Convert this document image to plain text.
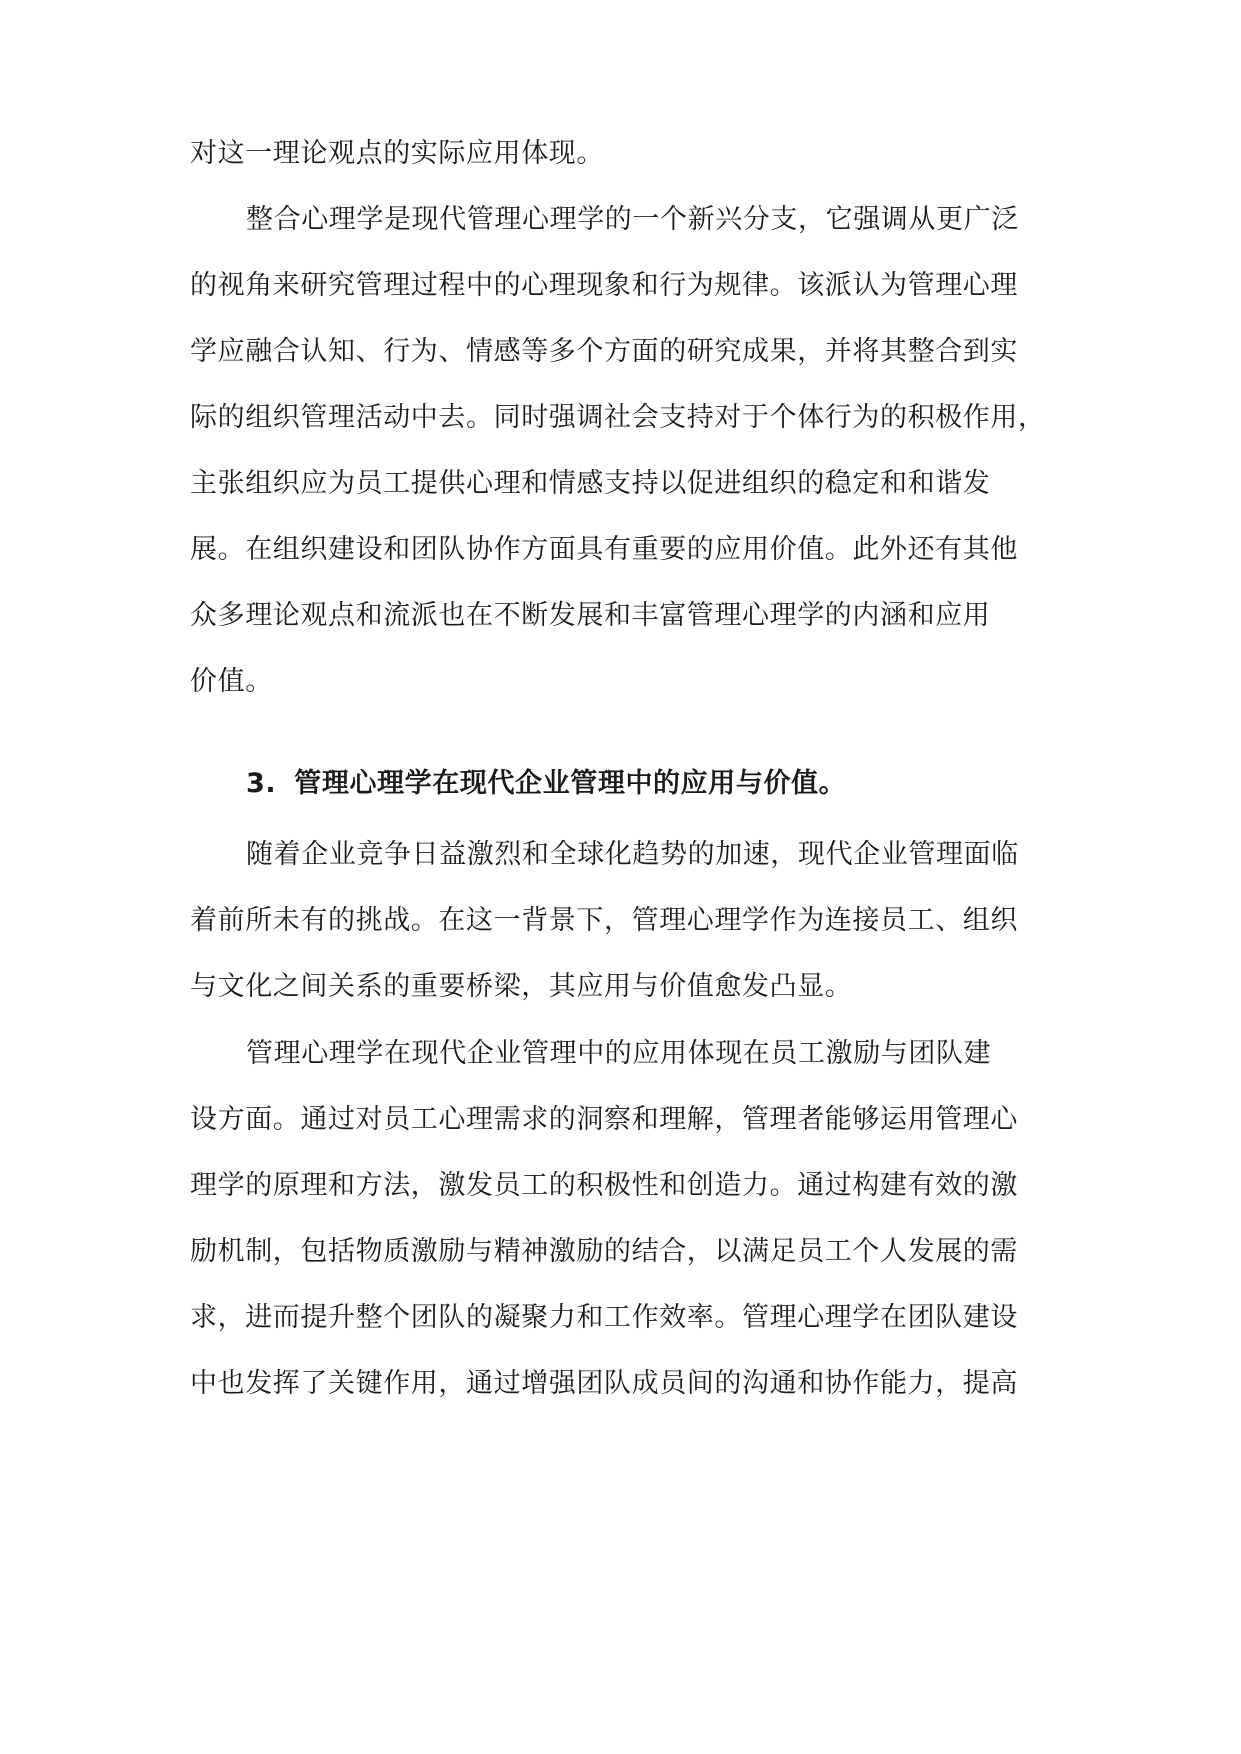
对这一理论观点的实际应用体现。
整合心理学是现代管理心理学的一个新兴分支，它强调从更广泛
的视角来研究管理过程中的心理现象和行为规律。该派认为管理心理
学应融合认知、行为、情感等多个方面的研究成果，并将其整合到实
际的组织管理活动中去。同时强调社会支持对于个体行为的积极作用，
主张组织应为员工提供心理和情感支持以促进组织的稳定和和谐发
展。在组织建设和团队协作方面具有重要的应用价值。此外还有其他
众多理论观点和流派也在不断发展和丰富管理心理学的内涵和应用
价值。
3. 管理心理学在现代企业管理中的应用与价值。
随着企业竞争日益激烈和全球化趋势的加速，现代企业管理面临
着前所未有的挑战。在这一背景下，管理心理学作为连接员工、组织
与文化之间关系的重要桥梁，其应用与价值愈发凸显。
管理心理学在现代企业管理中的应用体现在员工激励与团队建
设方面。通过对员工心理需求的洞察和理解，管理者能够运用管理心
理学的原理和方法，激发员工的积极性和创造力。通过构建有效的激
励机制，包括物质激励与精神激励的结合，以满足员工个人发展的需
求，进而提升整个团队的凝聚力和工作效率。管理心理学在团队建设
中也发挥了关键作用，通过增强团队成员间的沟通和协作能力，提高
